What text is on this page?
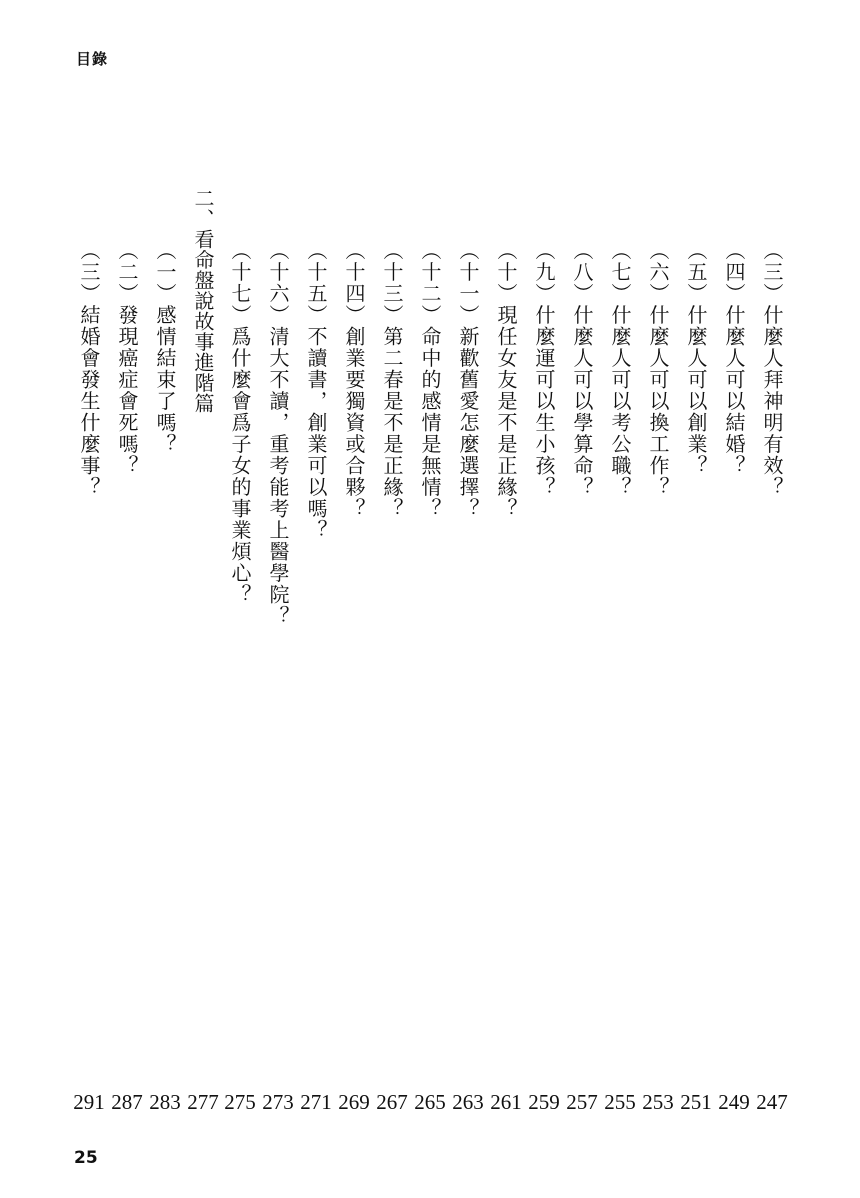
目錄
（三）什麼人拜神明有效？
（四）什麼人可以結婚？
（五）什麼人可以創業？
（六）什麼人可以換工作？
（七）什麼人可以考公職？
（八）什麼人可以學算命？
（九）什麼運可以生小孩？
（十）現任女友是不是正緣？
（十一）新歡舊愛怎麼選擇？
（十二）命中的感情是無情？
（十三）第二春是不是正緣？
（十四）創業要獨資或合夥？
（十五）不讀書，創業可以嗎？
（十六）清大不讀，重考能考上醫學院？
（十七）爲什麼會爲子女的事業煩心？
二、看命盤說故事進階篇
（一）感情結束了嗎？
（二）發現癌症會死嗎？
（三）結婚會發生什麼事？
247
249
251
253
255
257
259
261
263
265
267
269
271
273
275
277
283
287
291
25
